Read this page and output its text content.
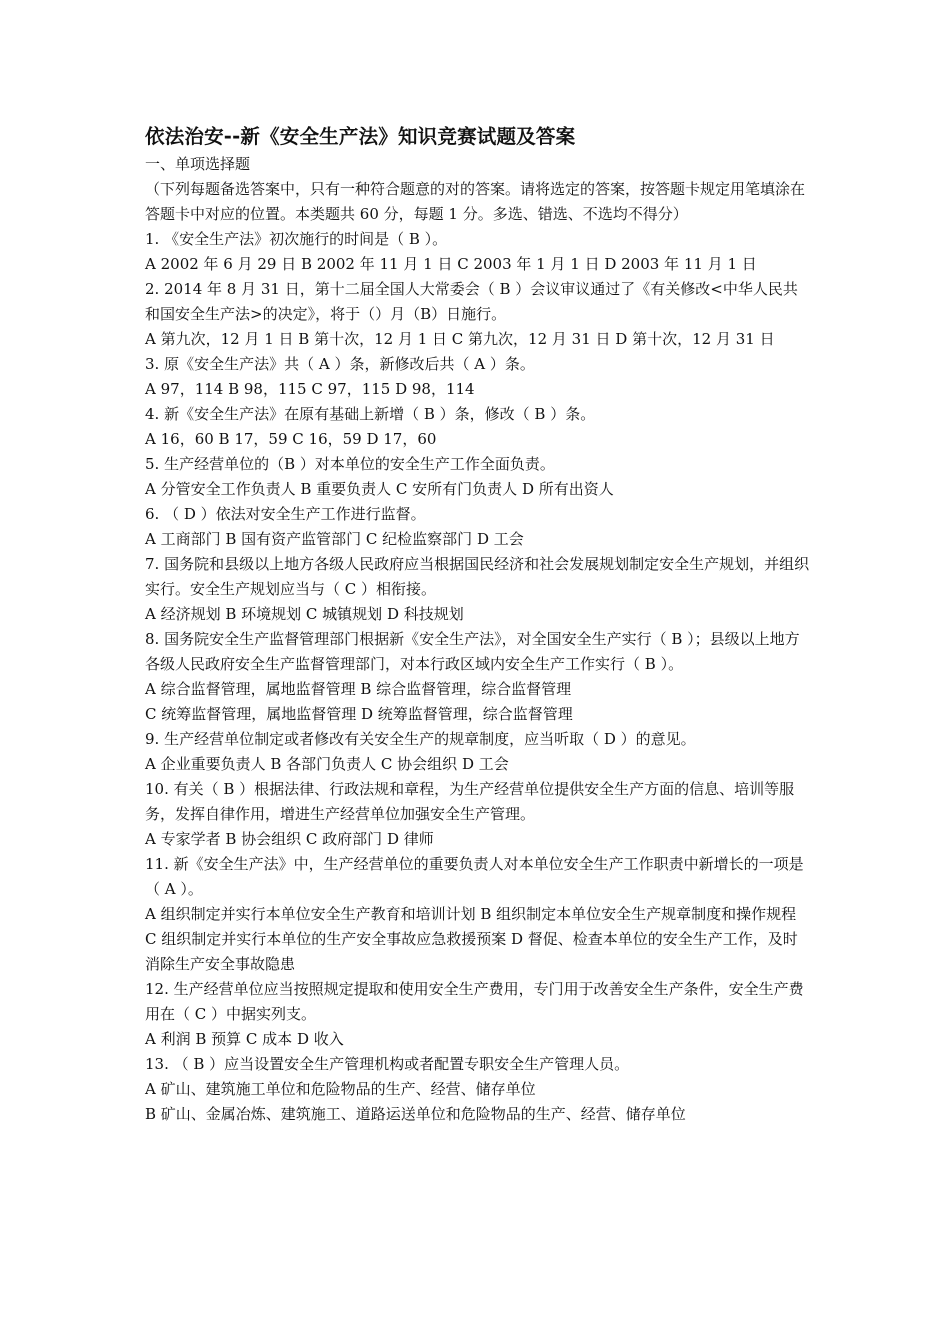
依法治安--新《安全生产法》知识竞赛试题及答案

一、单项选择题

（下列每题备选答案中，只有一种符合题意的对的答案。请将选定的答案，按答题卡规定用笔填涂在答题卡中对应的位置。本类题共 60 分，每题 1 分。多选、错选、不选均不得分）

1. 《安全生产法》初次施行的时间是（ B ）。

A 2002 年 6 月 29 日 B 2002 年 11 月 1 日 C 2003 年 1 月 1 日 D 2003 年 11 月 1 日

2. 2014 年 8 月 31 日，第十二届全国人大常委会（ B ）会议审议通过了《有关修改<中华人民共和国安全生产法>的决定》，将于（）月（B）日施行。

A 第九次，12 月 1 日 B 第十次，12 月 1 日 C 第九次，12 月 31 日 D 第十次，12 月 31 日

3. 原《安全生产法》共（ A ）条，新修改后共（ A ）条。

A 97，114 B 98，115 C 97，115 D 98，114

4. 新《安全生产法》在原有基础上新增（ B ）条，修改（ B ）条。

A 16，60 B 17，59 C 16，59 D 17，60

5. 生产经营单位的（B ）对本单位的安全生产工作全面负责。

A 分管安全工作负责人 B 重要负责人 C 安所有门负责人 D 所有出资人

6. （ D ）依法对安全生产工作进行监督。

A 工商部门 B 国有资产监管部门 C 纪检监察部门 D 工会

7. 国务院和县级以上地方各级人民政府应当根据国民经济和社会发展规划制定安全生产规划，并组织实行。安全生产规划应当与（ C ）相衔接。

A 经济规划 B 环境规划 C 城镇规划 D 科技规划

8. 国务院安全生产监督管理部门根据新《安全生产法》，对全国安全生产实行（ B ）；县级以上地方各级人民政府安全生产监督管理部门，对本行政区域内安全生产工作实行（ B ）。

A 综合监督管理，属地监督管理 B 综合监督管理，综合监督管理

C 统筹监督管理，属地监督管理 D 统筹监督管理，综合监督管理

9. 生产经营单位制定或者修改有关安全生产的规章制度，应当听取（ D ）的意见。

A 企业重要负责人 B 各部门负责人 C 协会组织 D 工会

10. 有关（ B ）根据法律、行政法规和章程，为生产经营单位提供安全生产方面的信息、培训等服务，发挥自律作用，增进生产经营单位加强安全生产管理。

A 专家学者 B 协会组织 C 政府部门 D 律师

11. 新《安全生产法》中，生产经营单位的重要负责人对本单位安全生产工作职责中新增长的一项是（ A ）。

A 组织制定并实行本单位安全生产教育和培训计划 B 组织制定本单位安全生产规章制度和操作规程

C 组织制定并实行本单位的生产安全事故应急救援预案 D 督促、检查本单位的安全生产工作，及时消除生产安全事故隐患

12. 生产经营单位应当按照规定提取和使用安全生产费用，专门用于改善安全生产条件，安全生产费用在（ C ）中据实列支。

A 利润 B 预算 C 成本 D 收入

13. （ B ）应当设置安全生产管理机构或者配置专职安全生产管理人员。

A 矿山、建筑施工单位和危险物品的生产、经营、储存单位

B 矿山、金属冶炼、建筑施工、道路运送单位和危险物品的生产、经营、储存单位
